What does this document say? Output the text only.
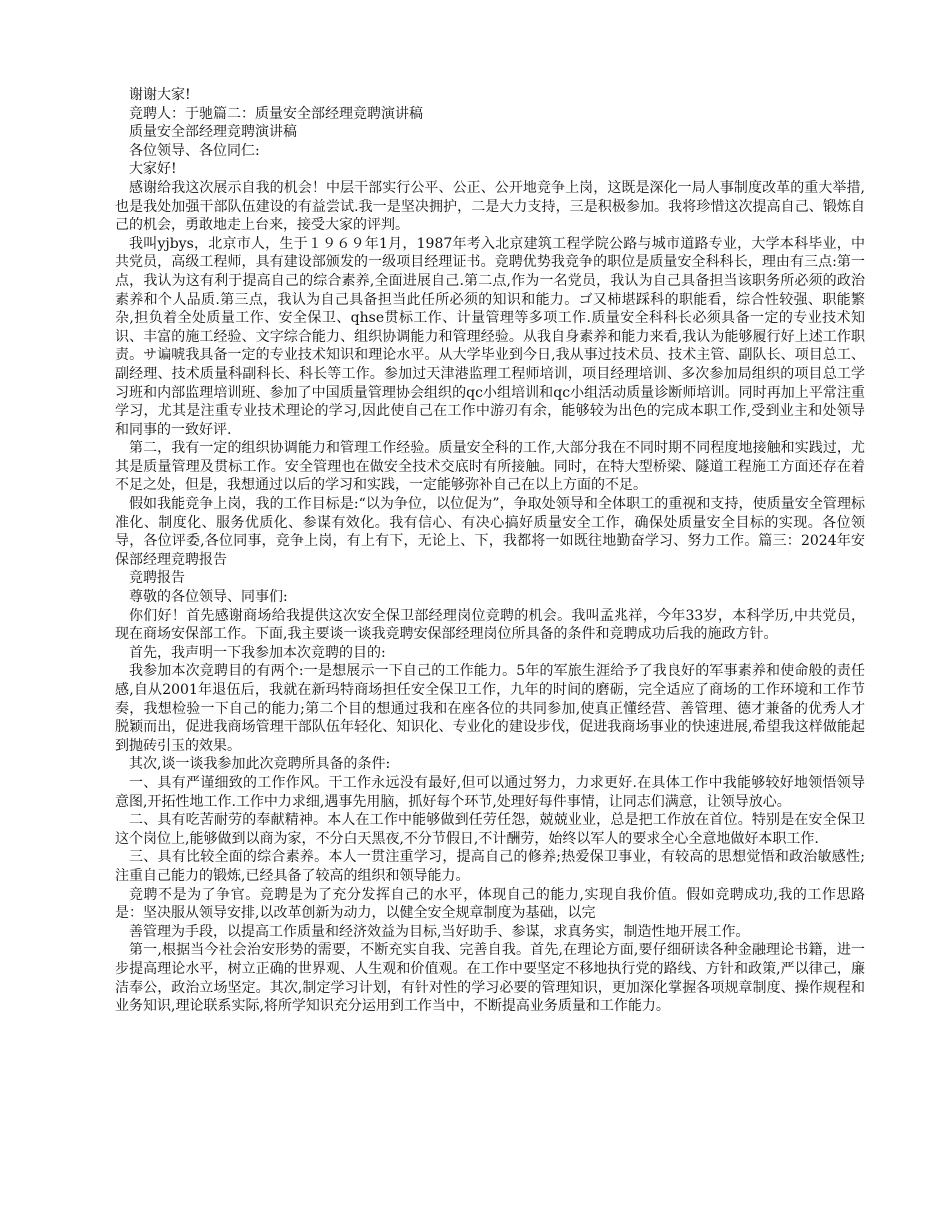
谢谢大家!

竞聘人：于驰篇二：质量安全部经理竞聘演讲稿

质量安全部经理竞聘演讲稿

各位领导、各位同仁:

大家好!

感谢给我这次展示自我的机会！中层干部实行公平、公正、公开地竞争上岗，这既是深化一局人事制度改革的重大举措,也是我处加强干部队伍建设的有益尝试.我一是坚决拥护，二是大力支持，三是积极参加。我将珍惜这次提高自己、锻炼自己的机会，勇敢地走上台来，接受大家的评判。

我叫yjbys，北京市人，生于１９６９年1月，1987年考入北京建筑工程学院公路与城市道路专业，大学本科毕业，中共党员，高级工程师，具有建设部颁发的一级项目经理证书。竞聘优势我竞争的职位是质量安全科科长，理由有三点:第一点，我认为这有利于提高自己的综合素养,全面进展自己.第二点,作为一名党员，我认为自己具备担当该职务所必须的政治素养和个人品质.第三点，我认为自己具备担当此任所必须的知识和能力。ゴ又柿堪踩科的职能看，综合性较强、职能繁杂,担负着全处质量工作、安全保卫、qhse贯标工作、计量管理等多项工作.质量安全科科长必须具备一定的专业技术知识、丰富的施工经验、文字综合能力、组织协调能力和管理经验。从我自身素养和能力来看,我认为能够履行好上述工作职责。サ谝唬我具备一定的专业技术知识和理论水平。从大学毕业到今日,我从事过技术员、技术主管、副队长、项目总工、副经理、技术质量科副科长、科长等工作。参加过天津港监理工程师培训，项目经理培训、多次参加局组织的项目总工学习班和内部监理培训班、参加了中国质量管理协会组织的qc小组培训和qc小组活动质量诊断师培训。同时再加上平常注重学习，尤其是注重专业技术理论的学习,因此使自己在工作中游刃有余，能够较为出色的完成本职工作,受到业主和处领导和同事的一致好评.

第二，我有一定的组织协调能力和管理工作经验。质量安全科的工作,大部分我在不同时期不同程度地接触和实践过，尤其是质量管理及贯标工作。安全管理也在做安全技术交底时有所接触。同时，在特大型桥梁、隧道工程施工方面还存在着不足之处，但是，我想通过以后的学习和实践，一定能够弥补自己在以上方面的不足。

假如我能竞争上岗，我的工作目标是:“以为争位，以位促为”，争取处领导和全体职工的重视和支持，使质量安全管理标准化、制度化、服务优质化、参谋有效化。我有信心、有决心搞好质量安全工作，确保处质量安全目标的实现。各位领导，各位评委,各位同事，竞争上岗，有上有下，无论上、下，我都将一如既往地勤奋学习、努力工作。篇三：2024年安保部经理竞聘报告

竞聘报告

尊敬的各位领导、同事们:

你们好！首先感谢商场给我提供这次安全保卫部经理岗位竞聘的机会。我叫孟兆祥，今年33岁，本科学历,中共党员，现在商场安保部工作。下面,我主要谈一谈我竞聘安保部经理岗位所具备的条件和竞聘成功后我的施政方针。

首先，我声明一下我参加本次竞聘的目的:

我参加本次竞聘目的有两个:一是想展示一下自己的工作能力。5年的军旅生涯给予了我良好的军事素养和使命般的责任感,自从2001年退伍后，我就在新玛特商场担任安全保卫工作，九年的时间的磨砺，完全适应了商场的工作环境和工作节奏，我想检验一下自己的能力;第二个目的想通过我和在座各位的共同参加,使真正懂经营、善管理、德才兼备的优秀人才脱颖而出，促进我商场管理干部队伍年轻化、知识化、专业化的建设步伐，促进我商场事业的快速进展,希望我这样做能起到抛砖引玉的效果。

其次,谈一谈我参加此次竞聘所具备的条件:

一、具有严谨细致的工作作风。干工作永远没有最好,但可以通过努力，力求更好.在具体工作中我能够较好地领悟领导意图,开拓性地工作.工作中力求细,遇事先用脑，抓好每个环节,处理好每件事情，让同志们满意，让领导放心。

二、具有吃苦耐劳的奉献精神。本人在工作中能够做到任劳任怨，兢兢业业，总是把工作放在首位。特别是在安全保卫这个岗位上,能够做到以商为家，不分白天黑夜,不分节假日,不计酬劳，始终以军人的要求全心全意地做好本职工作.

三、具有比较全面的综合素养。本人一贯注重学习，提高自己的修养;热爱保卫事业，有较高的思想觉悟和政治敏感性;注重自己能力的锻炼,已经具备了较高的组织和领导能力。

竞聘不是为了争官。竞聘是为了充分发挥自己的水平，体现自己的能力,实现自我价值。假如竞聘成功,我的工作思路是：坚决服从领导安排,以改革创新为动力，以健全安全规章制度为基础，以完

善管理为手段，以提高工作质量和经济效益为目标,当好助手、参谋，求真务实，制造性地开展工作。

第一,根据当今社会治安形势的需要，不断充实自我、完善自我。首先,在理论方面,要仔细研读各种金融理论书籍，进一步提高理论水平，树立正确的世界观、人生观和价值观。在工作中要坚定不移地执行党的路线、方针和政策,严以律己，廉洁奉公，政治立场坚定。其次,制定学习计划，有针对性的学习必要的管理知识，更加深化掌握各项规章制度、操作规程和业务知识,理论联系实际,将所学知识充分运用到工作当中，不断提高业务质量和工作能力。
